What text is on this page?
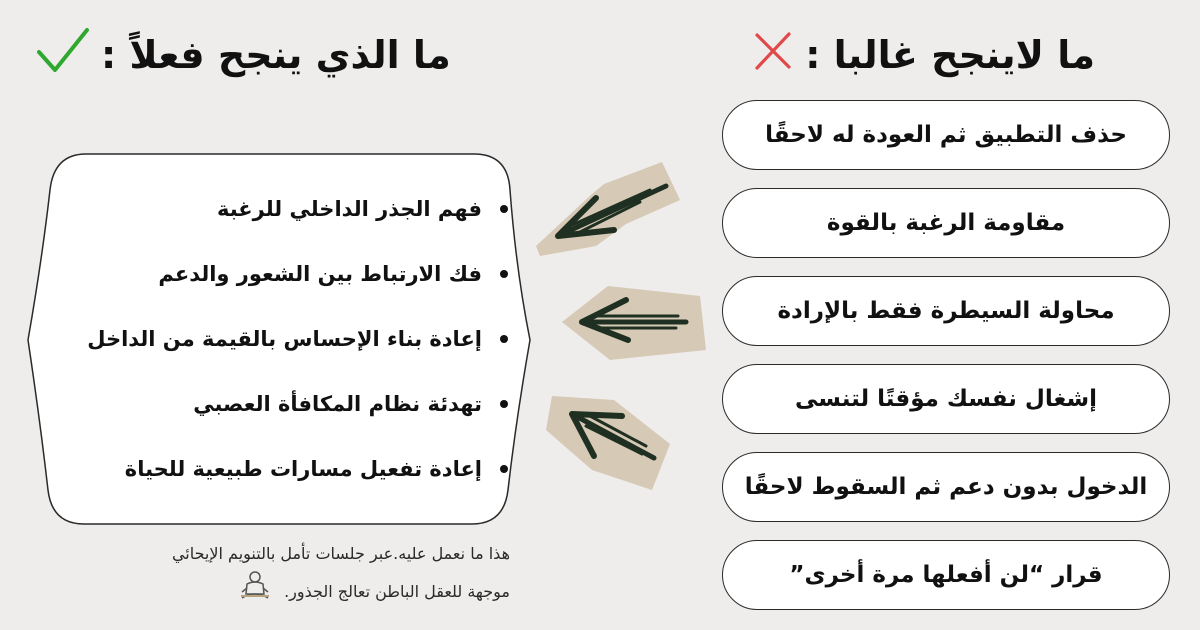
ما لاينجح غالبا :
ما الذي ينجح فعلاً :
حذف التطبيق ثم العودة له لاحقًا
مقاومة الرغبة بالقوة
محاولة السيطرة فقط بالإرادة
إشغال نفسك مؤقتًا لتنسى
الدخول بدون دعم ثم السقوط لاحقًا
قرار “لن أفعلها مرة أخرى”
فهم الجذر الداخلي للرغبة
فك الارتباط بين الشعور والدعم
إعادة بناء الإحساس بالقيمة من الداخل
تهدئة نظام المكافأة العصبي
إعادة تفعيل مسارات طبيعية للحياة
هذا ما نعمل عليه.عبر جلسات تأمل بالتنويم الإيحائي
موجهة للعقل الباطن تعالج الجذور.
